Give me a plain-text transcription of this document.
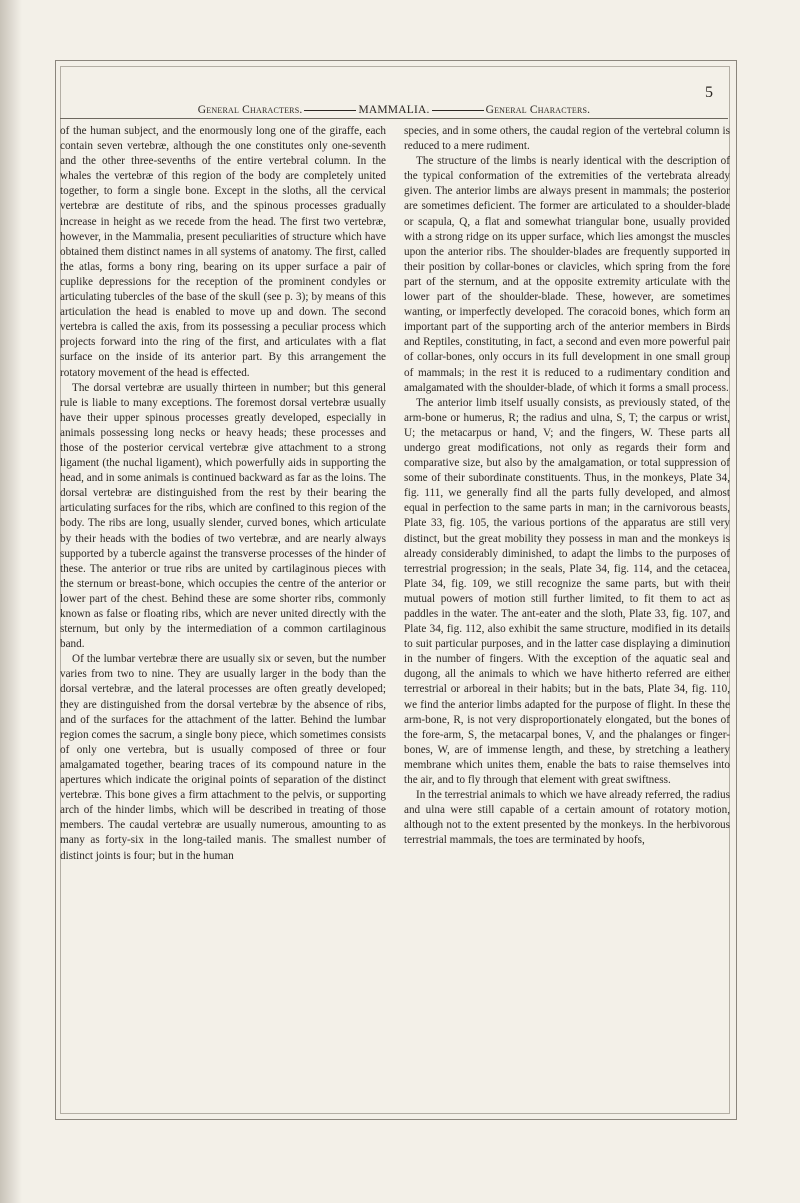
5
General Characters.	MAMMALIA.	General Characters.

of the human subject, and the enormously long one of the giraffe, each contain seven vertebræ, although the one constitutes only one-seventh and the other three-sevenths of the entire vertebral column. In the whales the vertebræ of this region of the body are completely united together, to form a single bone. Except in the sloths, all the cervical vertebræ are destitute of ribs, and the spinous processes gradually increase in height as we recede from the head. The first two vertebræ, however, in the Mammalia, present peculiarities of structure which have obtained them distinct names in all systems of anatomy. The first, called the atlas, forms a bony ring, bearing on its upper surface a pair of cuplike depressions for the reception of the prominent condyles or articulating tubercles of the base of the skull (see p. 3); by means of this articulation the head is enabled to move up and down. The second vertebra is called the axis, from its possessing a peculiar process which projects forward into the ring of the first, and articulates with a flat surface on the inside of its anterior part. By this arrangement the rotatory movement of the head is effected.

The dorsal vertebræ are usually thirteen in number; but this general rule is liable to many exceptions. The foremost dorsal vertebræ usually have their upper spinous processes greatly developed, especially in animals possessing long necks or heavy heads; these processes and those of the posterior cervical vertebræ give attachment to a strong ligament (the nuchal ligament), which powerfully aids in supporting the head, and in some animals is continued backward as far as the loins. The dorsal vertebræ are distinguished from the rest by their bearing the articulating surfaces for the ribs, which are confined to this region of the body. The ribs are long, usually slender, curved bones, which articulate by their heads with the bodies of two vertebræ, and are nearly always supported by a tubercle against the transverse processes of the hinder of these. The anterior or true ribs are united by cartilaginous pieces with the sternum or breast-bone, which occupies the centre of the anterior or lower part of the chest. Behind these are some shorter ribs, commonly known as false or floating ribs, which are never united directly with the sternum, but only by the intermediation of a common cartilaginous band.

Of the lumbar vertebræ there are usually six or seven, but the number varies from two to nine. They are usually larger in the body than the dorsal vertebræ, and the lateral processes are often greatly developed; they are distinguished from the dorsal vertebræ by the absence of ribs, and of the surfaces for the attachment of the latter. Behind the lumbar region comes the sacrum, a single bony piece, which sometimes consists of only one vertebra, but is usually composed of three or four amalgamated together, bearing traces of its compound nature in the apertures which indicate the original points of separation of the distinct vertebræ. This bone gives a firm attachment to the pelvis, or supporting arch of the hinder limbs, which will be described in treating of those members. The caudal vertebræ are usually numerous, amounting to as many as forty-six in the long-tailed manis. The smallest number of distinct joints is four; but in the human

species, and in some others, the caudal region of the vertebral column is reduced to a mere rudiment.

The structure of the limbs is nearly identical with the description of the typical conformation of the extremities of the vertebrata already given. The anterior limbs are always present in mammals; the posterior are sometimes deficient. The former are articulated to a shoulder-blade or scapula, Q, a flat and somewhat triangular bone, usually provided with a strong ridge on its upper surface, which lies amongst the muscles upon the anterior ribs. The shoulder-blades are frequently supported in their position by collar-bones or clavicles, which spring from the fore part of the sternum, and at the opposite extremity articulate with the lower part of the shoulder-blade. These, however, are sometimes wanting, or imperfectly developed. The coracoid bones, which form an important part of the supporting arch of the anterior members in Birds and Reptiles, constituting, in fact, a second and even more powerful pair of collar-bones, only occurs in its full development in one small group of mammals; in the rest it is reduced to a rudimentary condition and amalgamated with the shoulder-blade, of which it forms a small process.

The anterior limb itself usually consists, as previously stated, of the arm-bone or humerus, R; the radius and ulna, S, T; the carpus or wrist, U; the metacarpus or hand, V; and the fingers, W. These parts all undergo great modifications, not only as regards their form and comparative size, but also by the amalgamation, or total suppression of some of their subordinate constituents. Thus, in the monkeys, Plate 34, fig. 111, we generally find all the parts fully developed, and almost equal in perfection to the same parts in man; in the carnivorous beasts, Plate 33, fig. 105, the various portions of the apparatus are still very distinct, but the great mobility they possess in man and the monkeys is already considerably diminished, to adapt the limbs to the purposes of terrestrial progression; in the seals, Plate 34, fig. 114, and the cetacea, Plate 34, fig. 109, we still recognize the same parts, but with their mutual powers of motion still further limited, to fit them to act as paddles in the water. The ant-eater and the sloth, Plate 33, fig. 107, and Plate 34, fig. 112, also exhibit the same structure, modified in its details to suit particular purposes, and in the latter case displaying a diminution in the number of fingers. With the exception of the aquatic seal and dugong, all the animals to which we have hitherto referred are either terrestrial or arboreal in their habits; but in the bats, Plate 34, fig. 110, we find the anterior limbs adapted for the purpose of flight. In these the arm-bone, R, is not very disproportionately elongated, but the bones of the fore-arm, S, the metacarpal bones, V, and the phalanges or finger-bones, W, are of immense length, and these, by stretching a leathery membrane which unites them, enable the bats to raise themselves into the air, and to fly through that element with great swiftness.

In the terrestrial animals to which we have already referred, the radius and ulna were still capable of a certain amount of rotatory motion, although not to the extent presented by the monkeys. In the herbivorous terrestrial mammals, the toes are terminated by hoofs,
